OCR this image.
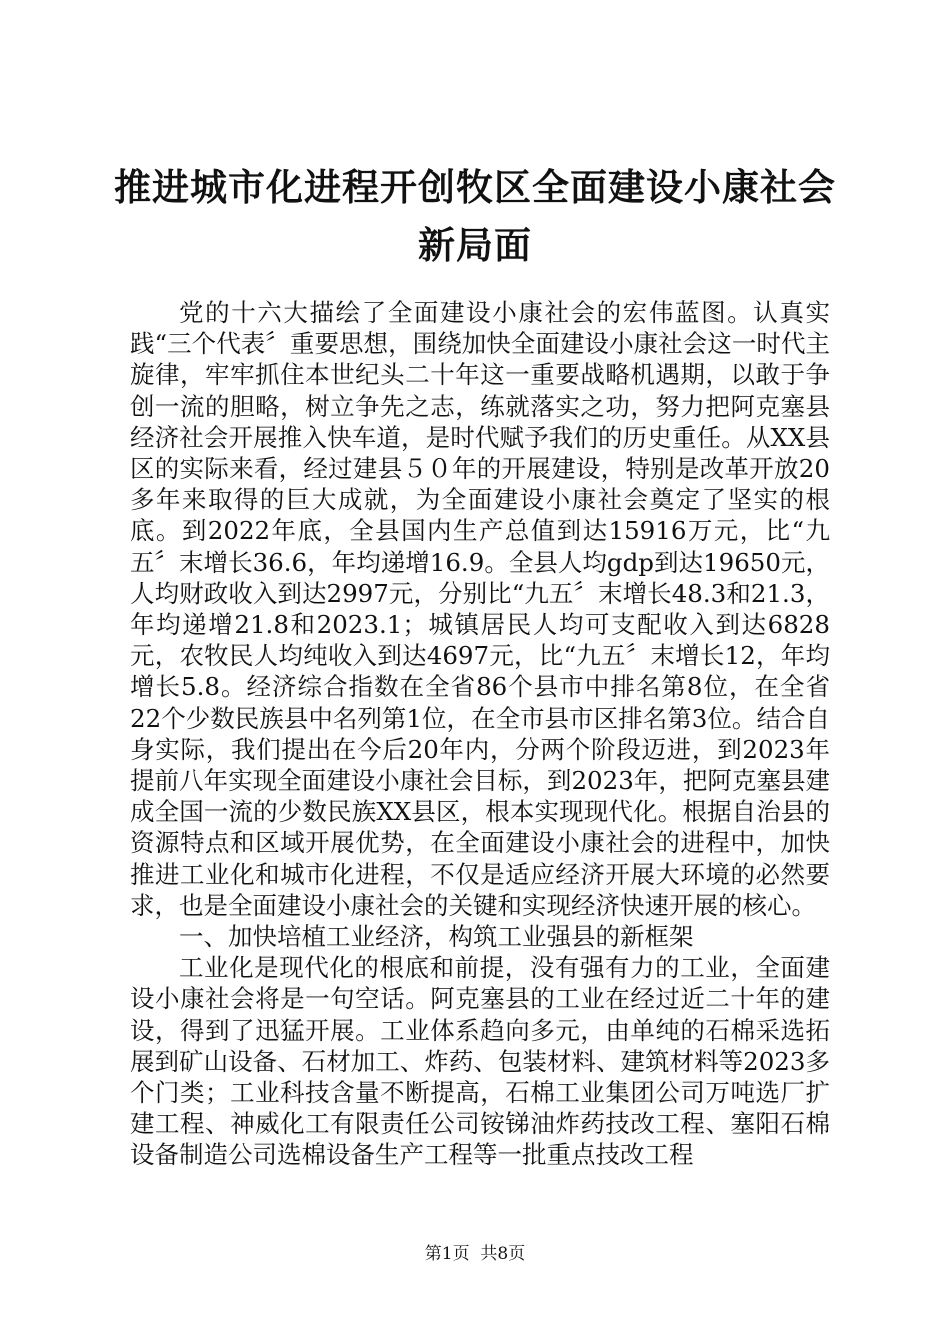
推进城市化进程开创牧区全面建设小康社会新局面

党的十六大描绘了全面建设小康社会的宏伟蓝图。认真实践“三个代表〞重要思想，围绕加快全面建设小康社会这一时代主旋律，牢牢抓住本世纪头二十年这一重要战略机遇期，以敢于争创一流的胆略，树立争先之志，练就落实之功，努力把阿克塞县经济社会开展推入快车道，是时代赋予我们的历史重任。从XX县区的实际来看，经过建县５０年的开展建设，特别是改革开放20多年来取得的巨大成就，为全面建设小康社会奠定了坚实的根底。到2022年底，全县国内生产总值到达15916万元，比“九五〞末增长36.6，年均递增16.9。全县人均gdp到达19650元，人均财政收入到达2997元，分别比“九五〞末增长48.3和21.3，年均递增21.8和2023.1；城镇居民人均可支配收入到达6828元，农牧民人均纯收入到达4697元，比“九五〞末增长12，年均增长5.8。经济综合指数在全省86个县市中排名第8位，在全省22个少数民族县中名列第1位，在全市县市区排名第3位。结合自身实际，我们提出在今后20年内，分两个阶段迈进，到2023年提前八年实现全面建设小康社会目标，到2023年，把阿克塞县建成全国一流的少数民族XX县区，根本实现现代化。根据自治县的资源特点和区域开展优势，在全面建设小康社会的进程中，加快推进工业化和城市化进程，不仅是适应经济开展大环境的必然要求，也是全面建设小康社会的关键和实现经济快速开展的核心。

一、加快培植工业经济，构筑工业强县的新框架

工业化是现代化的根底和前提，没有强有力的工业，全面建设小康社会将是一句空话。阿克塞县的工业在经过近二十年的建设，得到了迅猛开展。工业体系趋向多元，由单纯的石棉采选拓展到矿山设备、石材加工、炸药、包装材料、建筑材料等2023多个门类；工业科技含量不断提高，石棉工业集团公司万吨选厂扩建工程、神威化工有限责任公司铵锑油炸药技改工程、塞阳石棉设备制造公司选棉设备生产工程等一批重点技改工程

第1页 共8页
